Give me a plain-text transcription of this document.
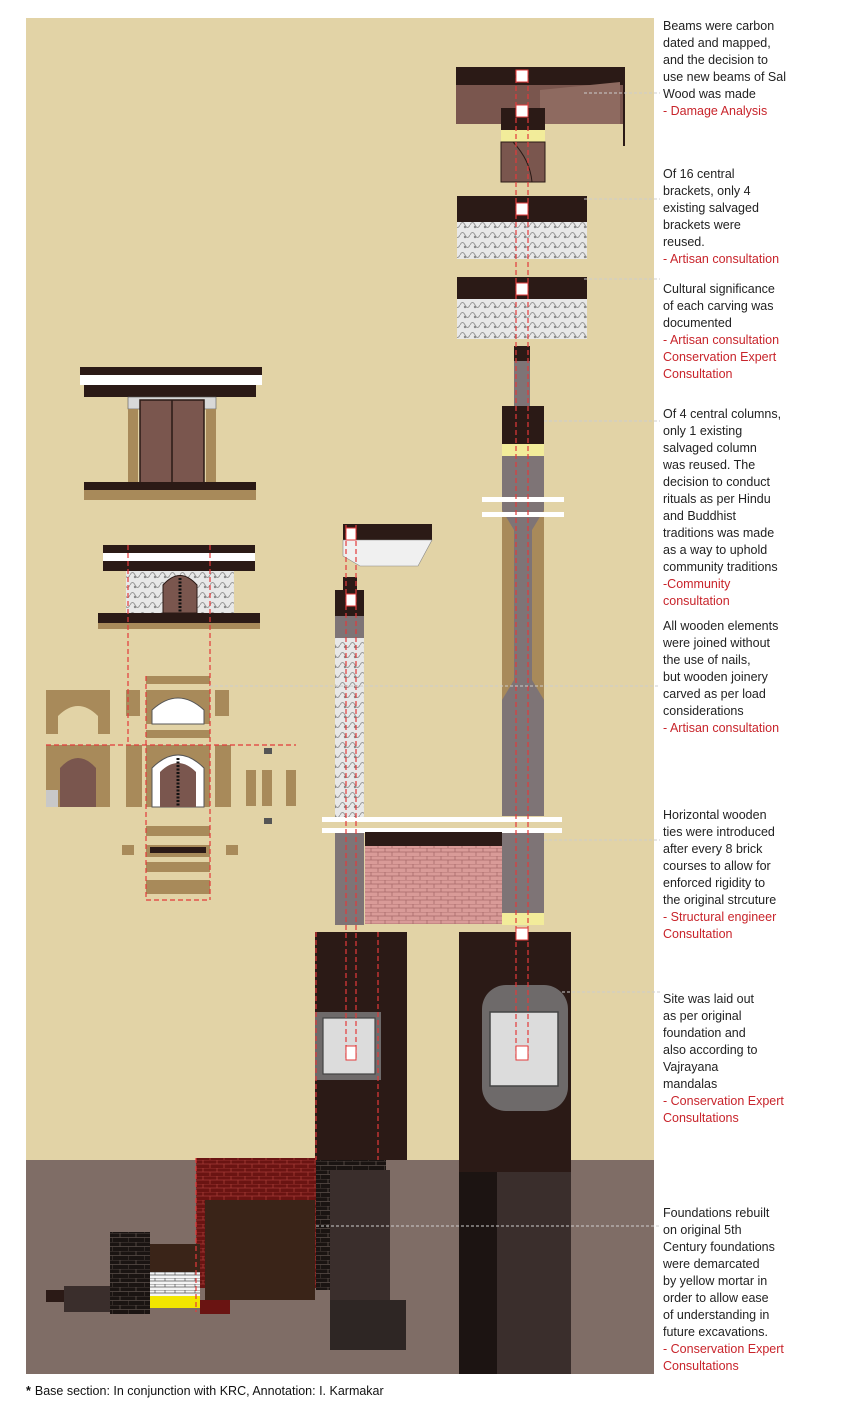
Beams were carbon
dated and mapped,
and the decision to
use new beams of Sal
Wood was made
- Damage Analysis
Of 16 central
brackets, only 4
existing salvaged
brackets were
reused.
- Artisan consultation
Cultural significance
of each carving was
documented
- Artisan consultation
Conservation Expert
Consultation
Of 4 central columns,
only 1 existing
salvaged column
was reused. The
decision to conduct
rituals as per Hindu
and Buddhist
traditions was made
as a way to uphold
community traditions
-Community
consultation
All wooden elements
were joined without
the use of nails,
but wooden joinery
carved as per load
considerations
- Artisan consultation
Horizontal wooden
ties were introduced
after every 8 brick
courses to allow for
enforced rigidity to
the original strcuture
- Structural engineer
Consultation
Site was laid out
as per original
foundation and
also according to
Vajrayana
mandalas
- Conservation Expert
Consultations
Foundations rebuilt
on original 5th
Century foundations
were demarcated
by yellow mortar in
order to allow ease
of understanding in
future excavations.
- Conservation Expert
Consultations
* Base section: In conjunction with KRC, Annotation: I. Karmakar
